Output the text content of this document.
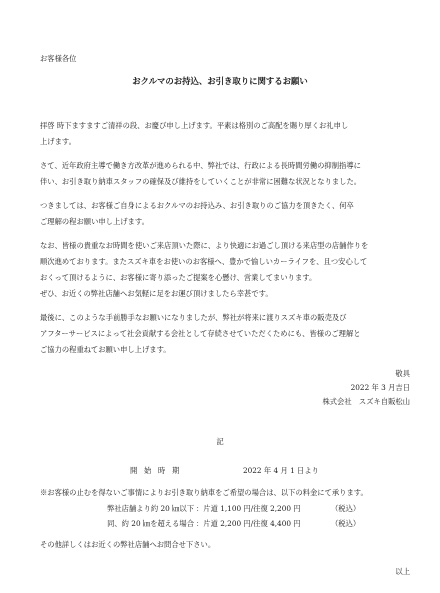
お客様各位
おクルマのお持込、お引き取りに関するお願い
拝啓 時下ますますご清祥の段、お慶び申し上げます。平素は格別のご高配を賜り厚くお礼申し
上げます。
さて、近年政府主導で働き方改革が進められる中、弊社では、行政による長時間労働の抑制指導に
伴い、お引き取り納車スタッフの確保及び維持をしていくことが非常に困難な状況となりました。
つきましては、お客様ご自身によるおクルマのお持込み、お引き取りのご協力を頂きたく、何卒
ご理解の程お願い申し上げます。
なお、皆様の貴重なお時間を使いご来店頂いた際に、より快適にお過ごし頂ける来店型の店舗作りを
順次進めております。またスズキ車をお使いのお客様へ、豊かで愉しいカーライフを、且つ安心して
おくって頂けるように、お客様に寄り添ったご提案を心懸け、営業してまいります。
ぜひ、お近くの弊社店舗へお気軽に足をお運び頂けましたら幸甚です。
最後に、このような手前勝手なお願いになりましたが、弊社が将来に渡りスズキ車の販売及び
アフターサービスによって社会貢献する会社として存続させていただくためにも、皆様のご理解と
ご協力の程重ねてお願い申し上げます。
敬具
2022 年 3 月吉日
株式会社　スズキ自販松山
記
開 始 時 期	2022 年 4 月 1 日より
※お客様の止むを得ないご事情によりお引き取り納車をご希望の場合は、以下の料金にて承ります。
弊社店舗より約 20 ㎞以下 ：片道 1,100 円/往復 2,200 円	（税込）
同、約 20 ㎞を超える場合 ：片道 2,200 円/往復 4,400 円	（税込）
その他詳しくはお近くの弊社店舗へお問合せ下さい。
以上
